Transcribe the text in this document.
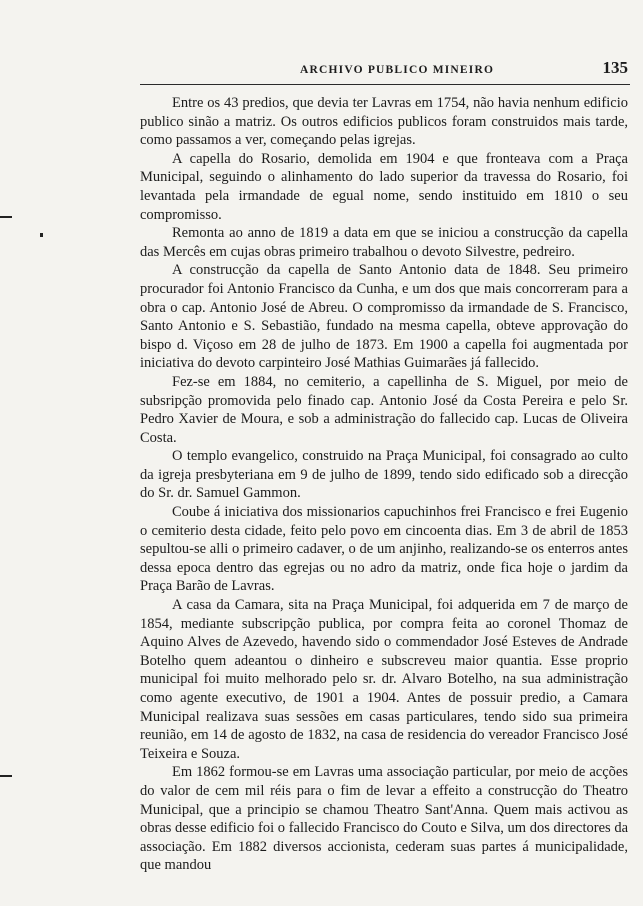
ARCHIVO PUBLICO MINEIRO	135

Entre os 43 predios, que devia ter Lavras em 1754, não havia nenhum edificio publico sinão a matriz. Os outros edificios publicos foram construidos mais tarde, como passamos a ver, começando pelas igrejas.

A capella do Rosario, demolida em 1904 e que fronteava com a Praça Municipal, seguindo o alinhamento do lado superior da travessa do Rosario, foi levantada pela irmandade de egual nome, sendo instituido em 1810 o seu compromisso.

Remonta ao anno de 1819 a data em que se iniciou a construcção da capella das Mercês em cujas obras primeiro trabalhou o devoto Silvestre, pedreiro.

A construcção da capella de Santo Antonio data de 1848. Seu primeiro procurador foi Antonio Francisco da Cunha, e um dos que mais concorreram para a obra o cap. Antonio José de Abreu. O compromisso da irmandade de S. Francisco, Santo Antonio e S. Sebastião, fundado na mesma capella, obteve approvação do bispo d. Viçoso em 28 de julho de 1873. Em 1900 a capella foi augmentada por iniciativa do devoto carpinteiro José Mathias Guimarães já fallecido.

Fez-se em 1884, no cemiterio, a capellinha de S. Miguel, por meio de subsripção promovida pelo finado cap. Antonio José da Costa Pereira e pelo Sr. Pedro Xavier de Moura, e sob a administração do fallecido cap. Lucas de Oliveira Costa.

O templo evangelico, construido na Praça Municipal, foi consagrado ao culto da igreja presbyteriana em 9 de julho de 1899, tendo sido edificado sob a direcção do Sr. dr. Samuel Gammon.

Coube á iniciativa dos missionarios capuchinhos frei Francisco e frei Eugenio o cemiterio desta cidade, feito pelo povo em cincoenta dias. Em 3 de abril de 1853 sepultou-se alli o primeiro cadaver, o de um anjinho, realizando-se os enterros antes dessa epoca dentro das egrejas ou no adro da matriz, onde fica hoje o jardim da Praça Barão de Lavras.

A casa da Camara, sita na Praça Municipal, foi adquerida em 7 de março de 1854, mediante subscripção publica, por compra feita ao coronel Thomaz de Aquino Alves de Azevedo, havendo sido o commendador José Esteves de Andrade Botelho quem adeantou o dinheiro e subscreveu maior quantia. Esse proprio municipal foi muito melhorado pelo sr. dr. Alvaro Botelho, na sua administração como agente executivo, de 1901 a 1904. Antes de possuir predio, a Camara Municipal realizava suas sessões em casas particulares, tendo sido sua primeira reunião, em 14 de agosto de 1832, na casa de residencia do vereador Francisco José Teixeira e Souza.

Em 1862 formou-se em Lavras uma associação particular, por meio de acções do valor de cem mil réis para o fim de levar a effeito a construcção do Theatro Municipal, que a principio se chamou Theatro Sant'Anna. Quem mais activou as obras desse edificio foi o fallecido Francisco do Couto e Silva, um dos directores da associação. Em 1882 diversos accionista, cederam suas partes á municipalidade, que mandou
